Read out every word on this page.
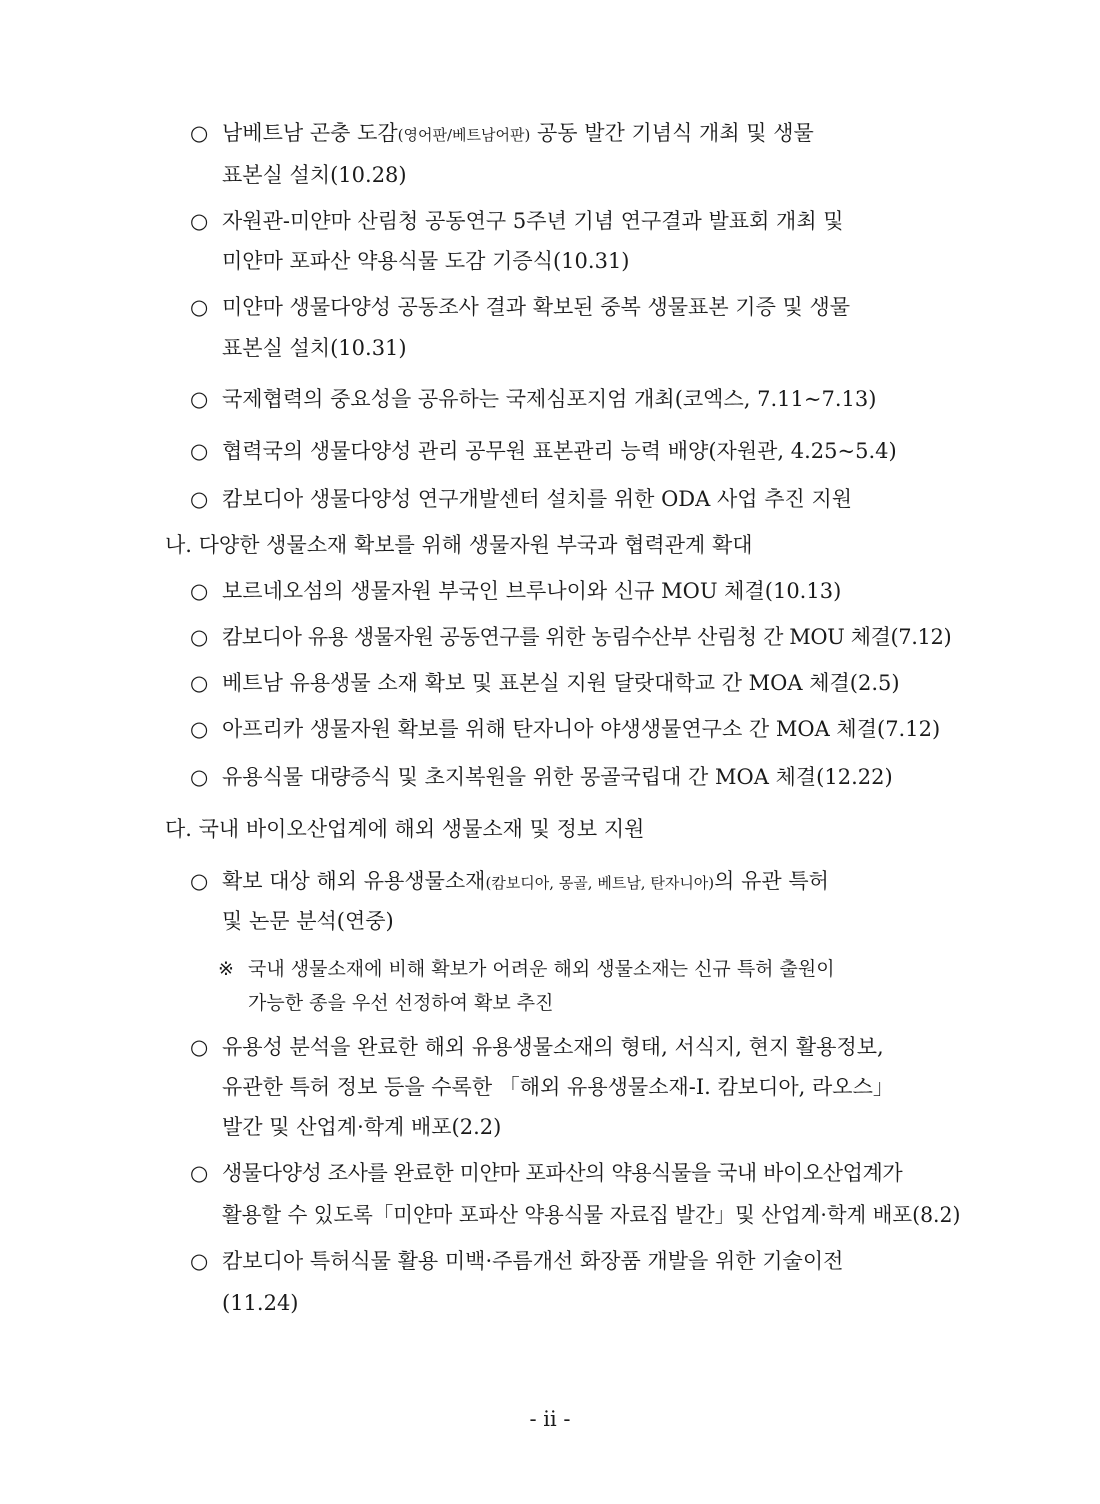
○ 남베트남 곤충 도감(영어판/베트남어판) 공동 발간 기념식 개최 및 생물
표본실 설치(10.28)
○ 자원관-미얀마 산림청 공동연구 5주년 기념 연구결과 발표회 개최 및
미얀마 포파산 약용식물 도감 기증식(10.31)
○ 미얀마 생물다양성 공동조사 결과 확보된 중복 생물표본 기증 및 생물
표본실 설치(10.31)
○ 국제협력의 중요성을 공유하는 국제심포지엄 개최(코엑스, 7.11∼7.13)
○ 협력국의 생물다양성 관리 공무원 표본관리 능력 배양(자원관, 4.25~5.4)
○ 캄보디아 생물다양성 연구개발센터 설치를 위한 ODA 사업 추진 지원
나. 다양한 생물소재 확보를 위해 생물자원 부국과 협력관계 확대
○ 보르네오섬의 생물자원 부국인 브루나이와 신규 MOU 체결(10.13)
○ 캄보디아 유용 생물자원 공동연구를 위한 농림수산부 산림청 간 MOU 체결(7.12)
○ 베트남 유용생물 소재 확보 및 표본실 지원 달랏대학교 간 MOA 체결(2.5)
○ 아프리카 생물자원 확보를 위해 탄자니아 야생생물연구소 간 MOA 체결(7.12)
○ 유용식물 대량증식 및 초지복원을 위한 몽골국립대 간 MOA 체결(12.22)
다. 국내 바이오산업계에 해외 생물소재 및 정보 지원
○ 확보 대상 해외 유용생물소재(캄보디아, 몽골, 베트남, 탄자니아)의 유관 특허
및 논문 분석(연중)
※ 국내 생물소재에 비해 확보가 어려운 해외 생물소재는 신규 특허 출원이
가능한 종을 우선 선정하여 확보 추진
○ 유용성 분석을 완료한 해외 유용생물소재의 형태, 서식지, 현지 활용정보,
유관한 특허 정보 등을 수록한 「해외 유용생물소재-I. 캄보디아, 라오스」
발간 및 산업계·학계 배포(2.2)
○ 생물다양성 조사를 완료한 미얀마 포파산의 약용식물을 국내 바이오산업계가
활용할 수 있도록「미얀마 포파산 약용식물 자료집 발간」및 산업계·학계 배포(8.2)
○ 캄보디아 특허식물 활용 미백·주름개선 화장품 개발을 위한 기술이전
(11.24)
- ii -
